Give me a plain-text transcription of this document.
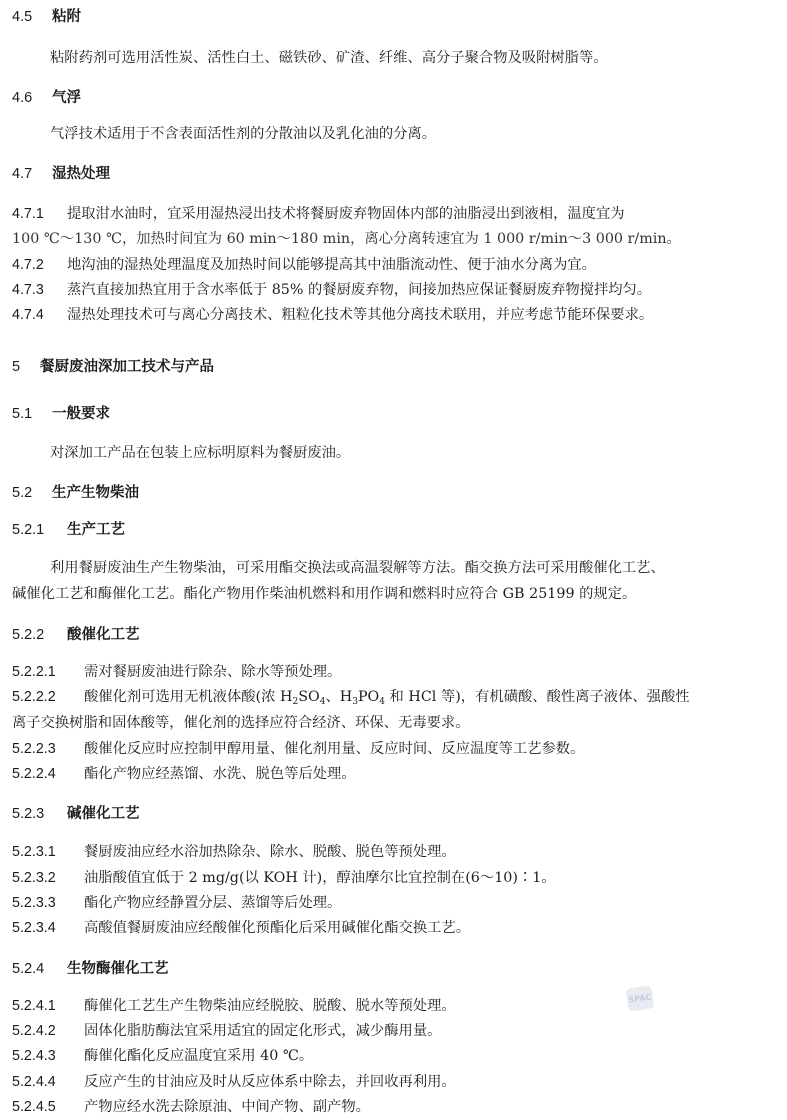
4.5 粘附
粘附药剂可选用活性炭、活性白土、磁铁砂、矿渣、纤维、高分子聚合物及吸附树脂等。
4.6 气浮
气浮技术适用于不含表面活性剂的分散油以及乳化油的分离。
4.7 湿热处理
4.7.1 提取泔水油时，宜采用湿热浸出技术将餐厨废弃物固体内部的油脂浸出到液相，温度宜为
100 ℃～130 ℃，加热时间宜为 60 min～180 min，离心分离转速宜为 1 000 r/min～3 000 r/min。
4.7.2 地沟油的湿热处理温度及加热时间以能够提高其中油脂流动性、便于油水分离为宜。
4.7.3 蒸汽直接加热宜用于含水率低于 85% 的餐厨废弃物，间接加热应保证餐厨废弃物搅拌均匀。
4.7.4 湿热处理技术可与离心分离技术、粗粒化技术等其他分离技术联用，并应考虑节能环保要求。
5 餐厨废油深加工技术与产品
5.1 一般要求
对深加工产品在包装上应标明原料为餐厨废油。
5.2 生产生物柴油
5.2.1 生产工艺
利用餐厨废油生产生物柴油，可采用酯交换法或高温裂解等方法。酯交换方法可采用酸催化工艺、
碱催化工艺和酶催化工艺。酯化产物用作柴油机燃料和用作调和燃料时应符合 GB 25199 的规定。
5.2.2 酸催化工艺
5.2.2.1 需对餐厨废油进行除杂、除水等预处理。
5.2.2.2 酸催化剂可选用无机液体酸(浓 $H_2SO_4$、$H_3PO_4$ 和 HCl 等)，有机磺酸、酸性离子液体、强酸性
离子交换树脂和固体酸等，催化剂的选择应符合经济、环保、无毒要求。
5.2.2.3 酸催化反应时应控制甲醇用量、催化剂用量、反应时间、反应温度等工艺参数。
5.2.2.4 酯化产物应经蒸馏、水洗、脱色等后处理。
5.2.3 碱催化工艺
5.2.3.1 餐厨废油应经水浴加热除杂、除水、脱酸、脱色等预处理。
5.2.3.2 油脂酸值宜低于 2 mg/g(以 KOH 计)，醇油摩尔比宜控制在(6～10)∶1。
5.2.3.3 酯化产物应经静置分层、蒸馏等后处理。
5.2.3.4 高酸值餐厨废油应经酸催化预酯化后采用碱催化酯交换工艺。
5.2.4 生物酶催化工艺
5.2.4.1 酶催化工艺生产生物柴油应经脱胶、脱酸、脱水等预处理。
5.2.4.2 固体化脂肪酶法宜采用适宜的固定化形式，减少酶用量。
5.2.4.3 酶催化酯化反应温度宜采用 40 ℃。
5.2.4.4 反应产生的甘油应及时从反应体系中除去，并回收再利用。
5.2.4.5 产物应经水洗去除原油、中间产物、副产物。
SPAC
